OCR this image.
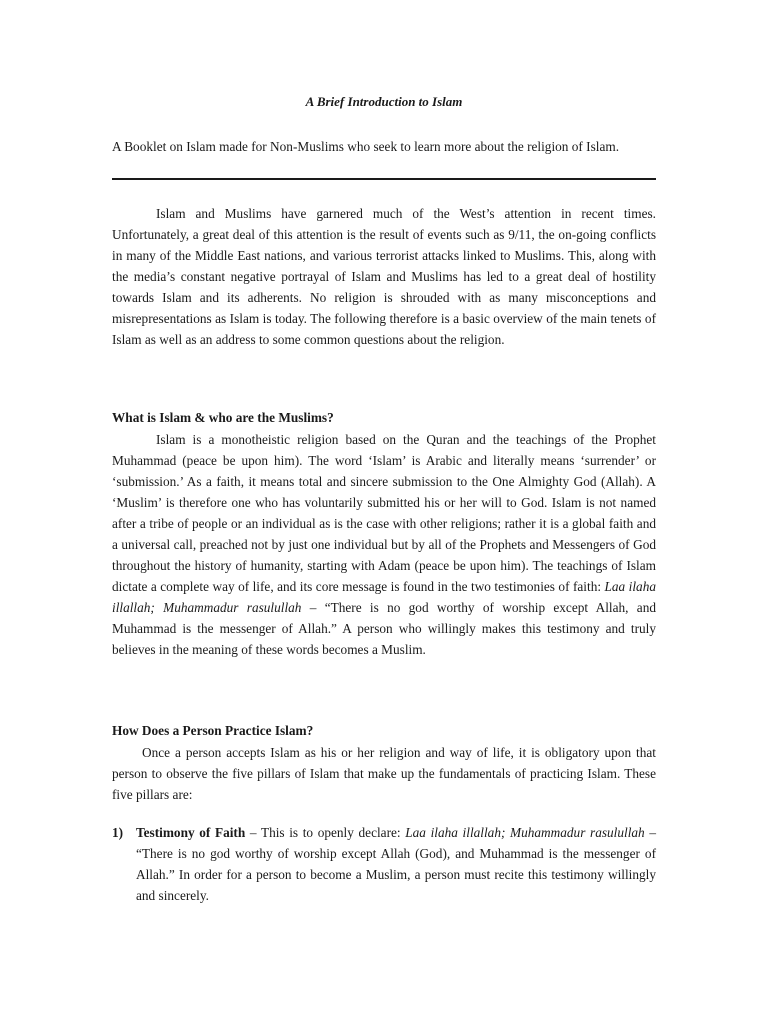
A Brief Introduction to Islam
A Booklet on Islam made for Non-Muslims who seek to learn more about the religion of Islam.

Islam and Muslims have garnered much of the West’s attention in recent times. Unfortunately, a great deal of this attention is the result of events such as 9/11, the on-going conflicts in many of the Middle East nations, and various terrorist attacks linked to Muslims. This, along with the media’s constant negative portrayal of Islam and Muslims has led to a great deal of hostility towards Islam and its adherents. No religion is shrouded with as many misconceptions and misrepresentations as Islam is today. The following therefore is a basic overview of the main tenets of Islam as well as an address to some common questions about the religion.

What is Islam & who are the Muslims?

Islam is a monotheistic religion based on the Quran and the teachings of the Prophet Muhammad (peace be upon him). The word ‘Islam’ is Arabic and literally means ‘surrender’ or ‘submission.’ As a faith, it means total and sincere submission to the One Almighty God (Allah). A ‘Muslim’ is therefore one who has voluntarily submitted his or her will to God. Islam is not named after a tribe of people or an individual as is the case with other religions; rather it is a global faith and a universal call, preached not by just one individual but by all of the Prophets and Messengers of God throughout the history of humanity, starting with Adam (peace be upon him). The teachings of Islam dictate a complete way of life, and its core message is found in the two testimonies of faith: Laa ilaha illallah; Muhammadur rasulullah – “There is no god worthy of worship except Allah, and Muhammad is the messenger of Allah.” A person who willingly makes this testimony and truly believes in the meaning of these words becomes a Muslim.

How Does a Person Practice Islam?

Once a person accepts Islam as his or her religion and way of life, it is obligatory upon that person to observe the five pillars of Islam that make up the fundamentals of practicing Islam. These five pillars are:

1) Testimony of Faith – This is to openly declare: Laa ilaha illallah; Muhammadur rasulullah – “There is no god worthy of worship except Allah (God), and Muhammad is the messenger of Allah.” In order for a person to become a Muslim, a person must recite this testimony willingly and sincerely.
